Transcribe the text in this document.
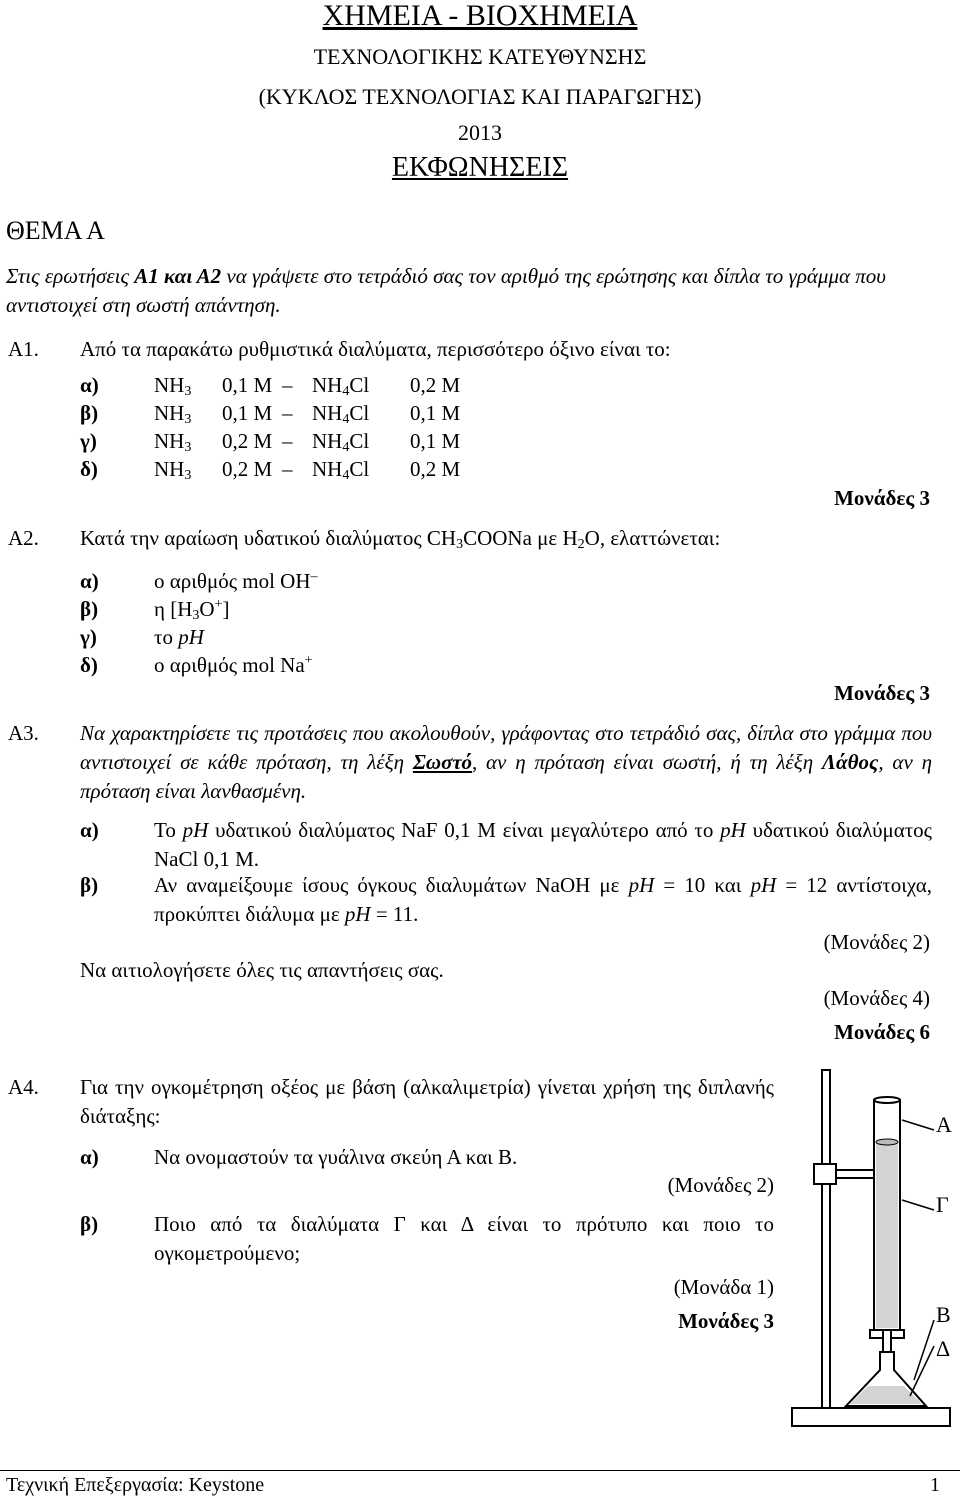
ΧΗΜΕΙΑ - ΒΙΟΧΗΜΕΙΑ
ΤΕΧΝΟΛΟΓΙΚΗΣ ΚΑΤΕΥΘΥΝΣΗΣ
(ΚΥΚΛΟΣ ΤΕΧΝΟΛΟΓΙΑΣ ΚΑΙ ΠΑΡΑΓΩΓΗΣ)
2013
ΕΚΦΩΝΗΣΕΙΣ
ΘΕΜΑ Α
Στις ερωτήσεις Α1 και Α2 να γράψετε στο τετράδιό σας τον αριθμό της ερώτησης και δίπλα το γράμμα που αντιστοιχεί στη σωστή απάντηση.
Α1. Από τα παρακάτω ρυθμιστικά διαλύματα, περισσότερο όξινο είναι το:
α)	$NH_3$ 0,1 M – $NH_4Cl$ 0,2 M
β)	$NH_3$ 0,1 M – $NH_4Cl$ 0,1 M
γ)	$NH_3$ 0,2 M – $NH_4Cl$ 0,1 M
δ)	$NH_3$ 0,2 M – $NH_4Cl$ 0,2 M
Μονάδες 3
Α2. Κατά την αραίωση υδατικού διαλύματος $CH_3COONa$ με $H_2O$, ελαττώνεται:
α)	ο αριθμός mol OH–
β)	η $[H_3O^+]$
γ)	το pH
δ)	ο αριθμός mol Na+
Μονάδες 3
Α3. Να χαρακτηρίσετε τις προτάσεις που ακολουθούν, γράφοντας στο τετράδιό σας, δίπλα στο γράμμα που αντιστοιχεί σε κάθε πρόταση, τη λέξη Σωστό, αν η πρόταση είναι σωστή, ή τη λέξη Λάθος, αν η πρόταση είναι λανθασμένη.
α)	Το pH υδατικού διαλύματος NaF 0,1 M είναι μεγαλύτερο από το pH υδατικού διαλύματος NaCl 0,1 M.
β)	Αν αναμείξουμε ίσους όγκους διαλυμάτων NaOH με pH = 10 και pH = 12 αντίστοιχα, προκύπτει διάλυμα με pH = 11.
(Μονάδες 2)
Να αιτιολογήσετε όλες τις απαντήσεις σας.
(Μονάδες 4)
Μονάδες 6
Α4. Για την ογκομέτρηση οξέος με βάση (αλκαλιμετρία) γίνεται χρήση της διπλανής διάταξης:
α)	Να ονομαστούν τα γυάλινα σκεύη Α και Β.
(Μονάδες 2)
β)	Ποιο από τα διαλύματα Γ και Δ είναι το πρότυπο και ποιο το ογκομετρούμενο;
(Μονάδα 1)
Μονάδες 3
Α
Γ
Β
Δ
Τεχνική Επεξεργασία: Keystone	1
